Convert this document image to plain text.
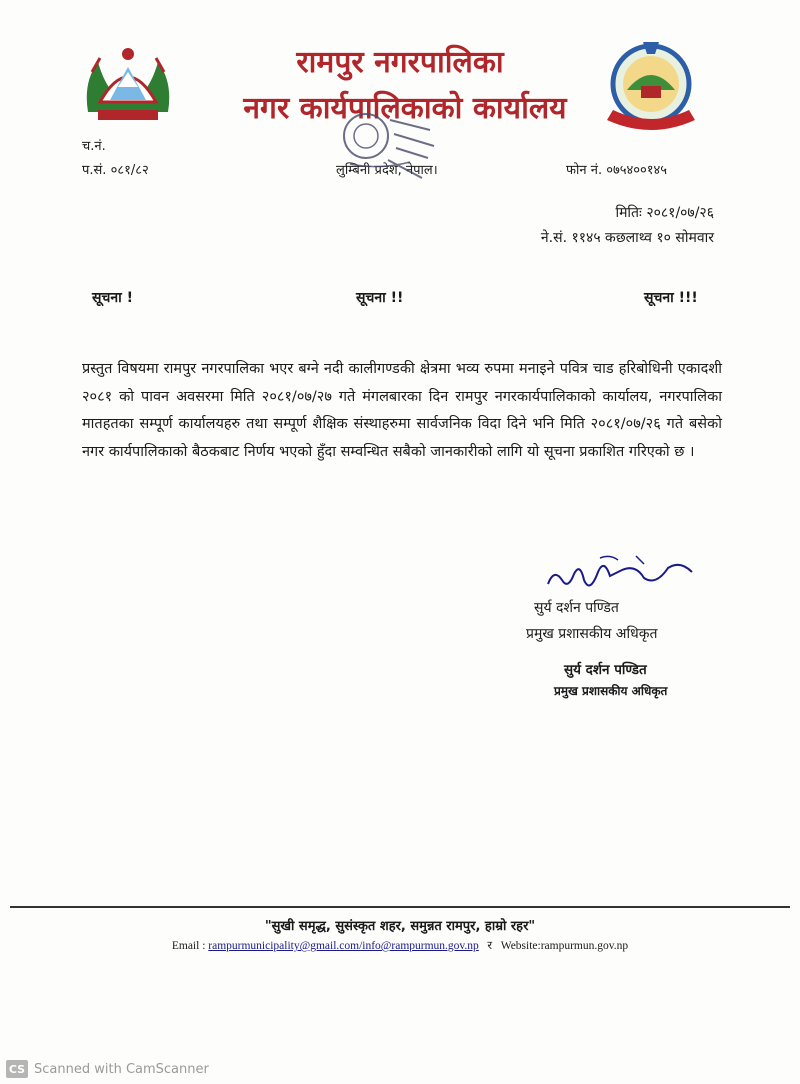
रामपुर नगरपालिका
नगर कार्यपालिकाको कार्यालय
च.नं.
प.सं. ०८१/८२	लुम्बिनी प्रदेश, नेपाल।	फोन नं. ०७५४००१४५
मितिः २०८१/०७/२६
ने.सं. ११४५ कछलाथ्व १० सोमवार
सूचना !	सूचना !!	सूचना !!!
प्रस्तुत विषयमा रामपुर नगरपालिका भएर बग्ने नदी कालीगण्डकी क्षेत्रमा भव्य रुपमा मनाइने पवित्र चाड हरिबोधिनी एकादशी २०८१ को पावन अवसरमा मिति २०८१/०७/२७ गते मंगलबारका दिन रामपुर नगरकार्यपालिकाको कार्यालय, नगरपालिका मातहतका सम्पूर्ण कार्यालयहरु तथा सम्पूर्ण शैक्षिक संस्थाहरुमा सार्वजनिक विदा दिने भनि मिति २०८१/०७/२६ गते बसेको नगर कार्यपालिकाको बैठकबाट निर्णय भएको हुँदा सम्वन्धित सबैको जानकारीको लागि यो सूचना प्रकाशित गरिएको छ ।
सुर्य दर्शन पण्डित
प्रमुख प्रशासकीय अधिकृत
सुर्य दर्शन पण्डित
प्रमुख प्रशासकीय अधिकृत
"सुखी समृद्ध, सुसंस्कृत शहर, समुन्नत रामपुर, हाम्रो रहर"
Email : rampurmunicipality@gmail.com/info@rampurmun.gov.np र Website:rampurmun.gov.np
CS Scanned with CamScanner
